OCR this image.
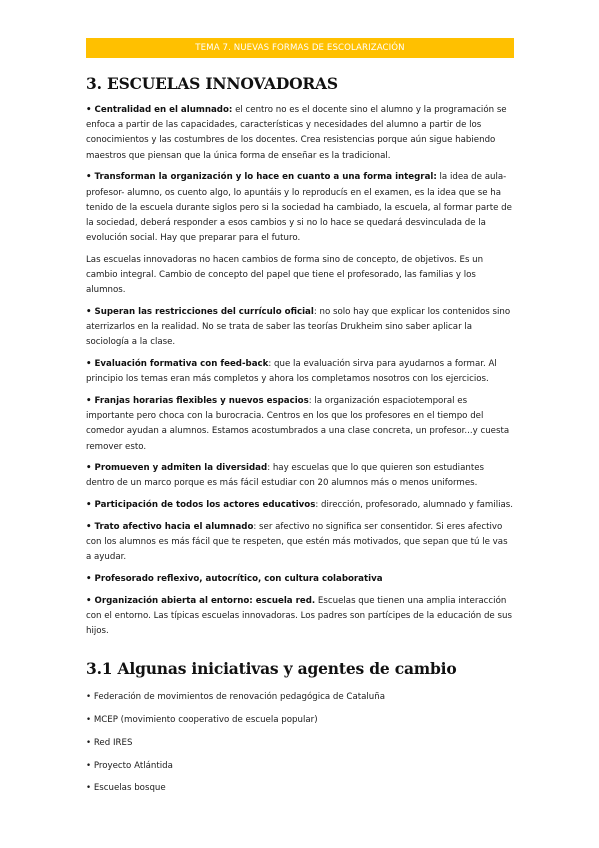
TEMA 7. NUEVAS FORMAS DE ESCOLARIZACIÓN
3. ESCUELAS INNOVADORAS

• Centralidad en el alumnado: el centro no es el docente sino el alumno y la programación se enfoca a partir de las capacidades, características y necesidades del alumno a partir de los conocimientos y las costumbres de los docentes. Crea resistencias porque aún sigue habiendo maestros que piensan que la única forma de enseñar es la tradicional.

• Transforman la organización y lo hace en cuanto a una forma integral: la idea de aula-profesor- alumno, os cuento algo, lo apuntáis y lo reproducís en el examen, es la idea que se ha tenido de la escuela durante siglos pero si la sociedad ha cambiado, la escuela, al formar parte de la sociedad, deberá responder a esos cambios y si no lo hace se quedará desvinculada de la evolución social. Hay que preparar para el futuro.

Las escuelas innovadoras no hacen cambios de forma sino de concepto, de objetivos. Es un cambio integral. Cambio de concepto del papel que tiene el profesorado, las familias y los alumnos.

• Superan las restricciones del currículo oficial: no solo hay que explicar los contenidos sino aterrizarlos en la realidad. No se trata de saber las teorías Drukheim sino saber aplicar la sociología a la clase.

• Evaluación formativa con feed-back: que la evaluación sirva para ayudarnos a formar. Al principio los temas eran más completos y ahora los completamos nosotros con los ejercicios.

• Franjas horarias flexibles y nuevos espacios: la organización espaciotemporal es importante pero choca con la burocracia. Centros en los que los profesores en el tiempo del comedor ayudan a alumnos. Estamos acostumbrados a una clase concreta, un profesor...y cuesta remover esto.

• Promueven y admiten la diversidad: hay escuelas que lo que quieren son estudiantes dentro de un marco porque es más fácil estudiar con 20 alumnos más o menos uniformes.

• Participación de todos los actores educativos: dirección, profesorado, alumnado y familias.

• Trato afectivo hacia el alumnado: ser afectivo no significa ser consentidor. Si eres afectivo con los alumnos es más fácil que te respeten, que estén más motivados, que sepan que tú le vas a ayudar.

• Profesorado reflexivo, autocrítico, con cultura colaborativa

• Organización abierta al entorno: escuela red. Escuelas que tienen una amplia interacción con el entorno. Las típicas escuelas innovadoras. Los padres son partícipes de la educación de sus hijos.

3.1 Algunas iniciativas y agentes de cambio
• Federación de movimientos de renovación pedagógica de Cataluña
• MCEP (movimiento cooperativo de escuela popular)
• Red IRES
• Proyecto Atlántida
• Escuelas bosque
